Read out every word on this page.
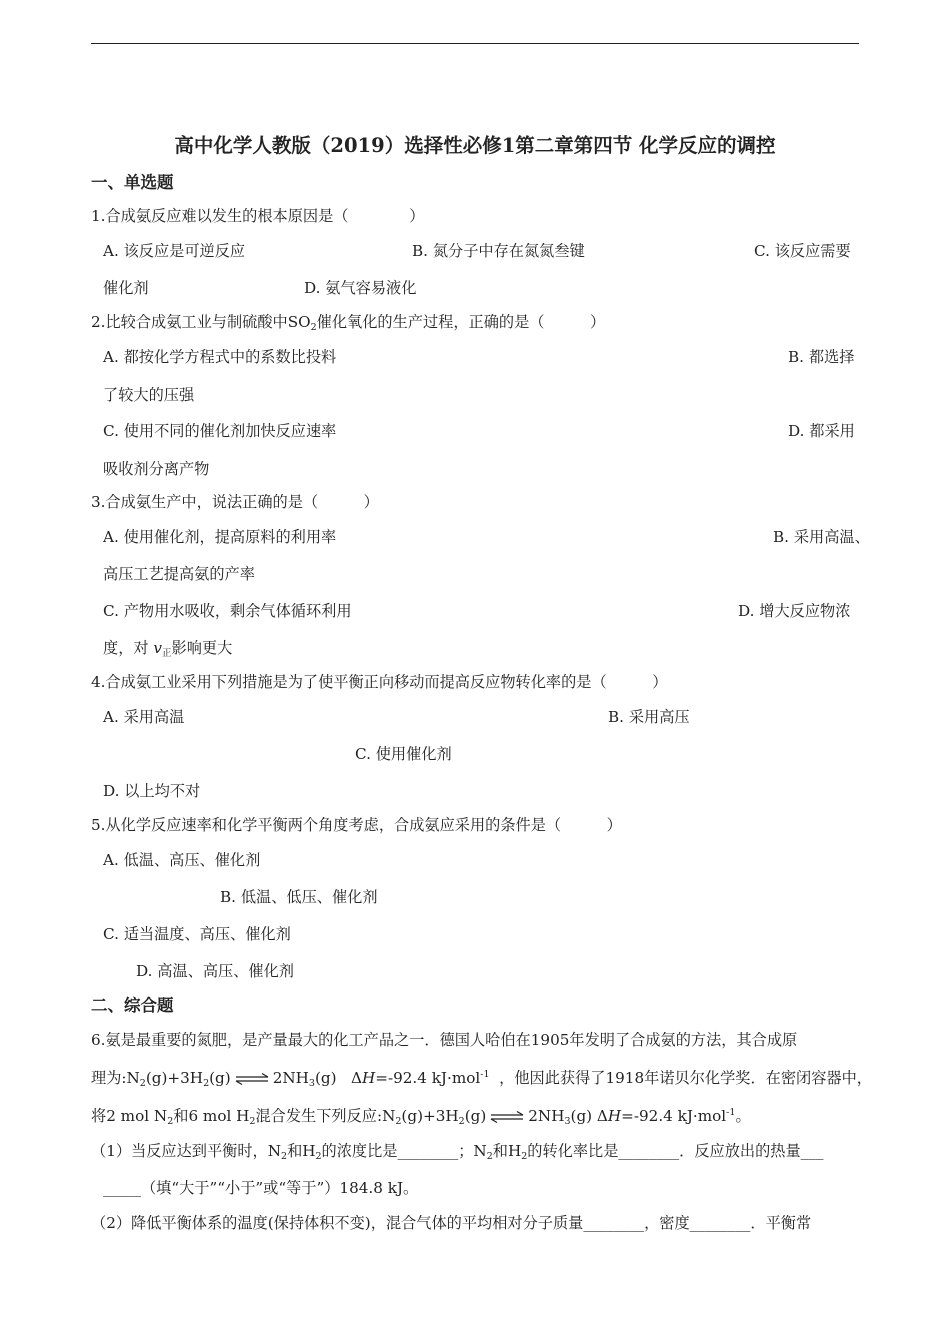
高中化学人教版（2019）选择性必修1第二章第四节 化学反应的调控
一、单选题
1.合成氨反应难以发生的根本原因是（　　　　）
A. 该反应是可逆反应	B. 氮分子中存在氮氮叁键	C. 该反应需要
催化剂	D. 氨气容易液化
2.比较合成氨工业与制硫酸中$SO_2$催化氧化的生产过程，正确的是（　　　）
A. 都按化学方程式中的系数比投料	B. 都选择
了较大的压强
C. 使用不同的催化剂加快反应速率	D. 都采用
吸收剂分离产物
3.合成氨生产中，说法正确的是（　　　）
A. 使用催化剂，提高原料的利用率	B. 采用高温、
高压工艺提高氨的产率
C. 产物用水吸收，剩余气体循环利用	D. 增大反应物浓
度，对 $v_正$影响更大
4.合成氨工业采用下列措施是为了使平衡正向移动而提高反应物转化率的是（　　　）
A. 采用高温	B. 采用高压
C. 使用催化剂
D. 以上均不对
5.从化学反应速率和化学平衡两个角度考虑，合成氨应采用的条件是（　　　）
A. 低温、高压、催化剂
B. 低温、低压、催化剂
C. 适当温度、高压、催化剂
D. 高温、高压、催化剂
二、综合题
6.氨是最重要的氮肥，是产量最大的化工产品之一．德国人哈伯在1905年发明了合成氨的方法，其合成原
理为$:N_2(g)+3H_2(g)$ ⇌ $2NH_3(g)$ ΔH=-92.4 kJ·mol$^{-1}$ ，他因此获得了1918年诺贝尔化学奖．在密闭容器中，
将2 mol $N_2$和6 mol $H_2$混合发生下列反应$:N_2(g)+3H_2(g)$ ⇌ $2NH_3(g)$ ΔH=-92.4 kJ·mol$^{-1}$。
（1）当反应达到平衡时，$N_2$和$H_2$的浓度比是________；$N_2$和$H_2$的转化率比是________．反应放出的热量___
_____（填“大于”“小于”或“等于”）184.8 kJ。
（2）降低平衡体系的温度(保持体积不变)，混合气体的平均相对分子质量________，密度________．平衡常
